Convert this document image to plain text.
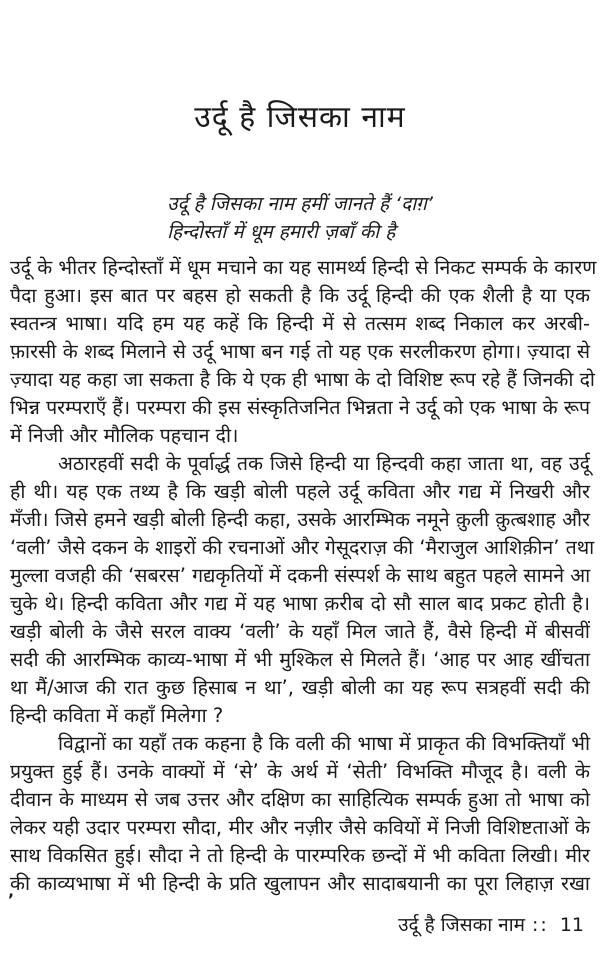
उर्दू है जिसका नाम
उर्दू है जिसका नाम हमीं जानते हैं ‘दाग़’
हिन्दोस्ताँ में धूम हमारी ज़बाँ की है
उर्दू के भीतर हिन्दोस्ताँ में धूम मचाने का यह सामर्थ्य हिन्दी से निकट सम्पर्क के कारण
पैदा हुआ। इस बात पर बहस हो सकती है कि उर्दू हिन्दी की एक शैली है या एक
स्वतन्त्र भाषा। यदि हम यह कहें कि हिन्दी में से तत्सम शब्द निकाल कर अरबी-
फ़ारसी के शब्द मिलाने से उर्दू भाषा बन गई तो यह एक सरलीकरण होगा। ज़्यादा से
ज़्यादा यह कहा जा सकता है कि ये एक ही भाषा के दो विशिष्ट रूप रहे हैं जिनकी दो
भिन्न परम्पराएँ हैं। परम्परा की इस संस्कृतिजनित भिन्नता ने उर्दू को एक भाषा के रूप
में निजी और मौलिक पहचान दी।
अठारहवीं सदी के पूर्वार्द्ध तक जिसे हिन्दी या हिन्दवी कहा जाता था, वह उर्दू
ही थी। यह एक तथ्य है कि खड़ी बोली पहले उर्दू कविता और गद्य में निखरी और
मँजी। जिसे हमने खड़ी बोली हिन्दी कहा, उसके आरम्भिक नमूने क़ुली क़ुत्बशाह और
‘वली’ जैसे दकन के शाइरों की रचनाओं और गेसूदराज़ की ‘मैराजुल आशिक़ीन’ तथा
मुल्ला वजही की ‘सबरस’ गद्यकृतियों में दकनी संस्पर्श के साथ बहुत पहले सामने आ
चुके थे। हिन्दी कविता और गद्य में यह भाषा क़रीब दो सौ साल बाद प्रकट होती है।
खड़ी बोली के जैसे सरल वाक्य ‘वली’ के यहाँ मिल जाते हैं, वैसे हिन्दी में बीसवीं
सदी की आरम्भिक काव्य-भाषा में भी मुश्किल से मिलते हैं। ‘आह पर आह खींचता
था मैं/आज की रात कुछ हिसाब न था’, खड़ी बोली का यह रूप सत्रहवीं सदी की
हिन्दी कविता में कहाँ मिलेगा ?
विद्वानों का यहाँ तक कहना है कि वली की भाषा में प्राकृत की विभक्तियाँ भी
प्रयुक्त हुई हैं। उनके वाक्यों में ‘से’ के अर्थ में ‘सेती’ विभक्ति मौजूद है। वली के
दीवान के माध्यम से जब उत्तर और दक्षिण का साहित्यिक सम्पर्क हुआ तो भाषा को
लेकर यही उदार परम्परा सौदा, मीर और नज़ीर जैसे कवियों में निजी विशिष्टताओं के
साथ विकसित हुई। सौदा ने तो हिन्दी के पारम्परिक छन्दों में भी कविता लिखी। मीर
की काव्यभाषा में भी हिन्दी के प्रति खुलापन और सादाबयानी का पूरा लिहाज़ रखा
उर्दू है जिसका नाम :: 11
’
